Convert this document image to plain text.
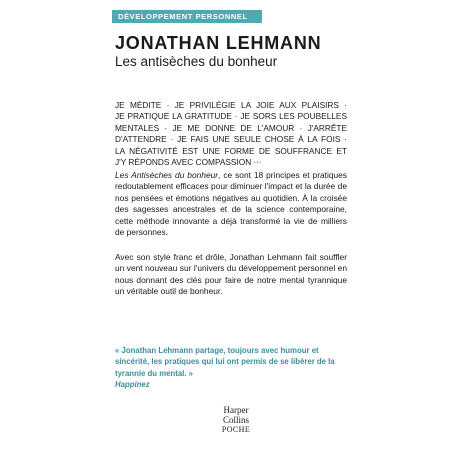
DÉVELOPPEMENT PERSONNEL
JONATHAN LEHMANN
Les antisèches du bonheur
JE MÉDITE · JE PRIVILÉGIE LA JOIE AUX PLAISIRS ·
JE PRATIQUE LA GRATITUDE · JE SORS LES POUBELLES
MENTALES · JE ME DONNE DE L'AMOUR · J'ARRÊTE
D'ATTENDRE · JE FAIS UNE SEULE CHOSE À LA FOIS ·
LA NÉGATIVITÉ EST UNE FORME DE SOUFFRANCE ET
J'Y RÉPONDS AVEC COMPASSION ···
Les Antisèches du bonheur, ce sont 18 principes et pratiques redoutablement efficaces pour diminuer l'impact et la durée de nos pensées et émotions négatives au quotidien. À la croisée des sagesses ancestrales et de la science contemporaine, cette méthode innovante a déjà transformé la vie de milliers de personnes.
Avec son style franc et drôle, Jonathan Lehmann fait souffler un vent nouveau sur l'univers du développement personnel en nous donnant des clés pour faire de notre mental tyrannique un véritable outil de bonheur.
« Jonathan Lehmann partage, toujours avec humour et sincérité, les pratiques qui lui ont permis de se libérer de la tyrannie du mental. »
Happinez
Harper
Collins
POCHE
